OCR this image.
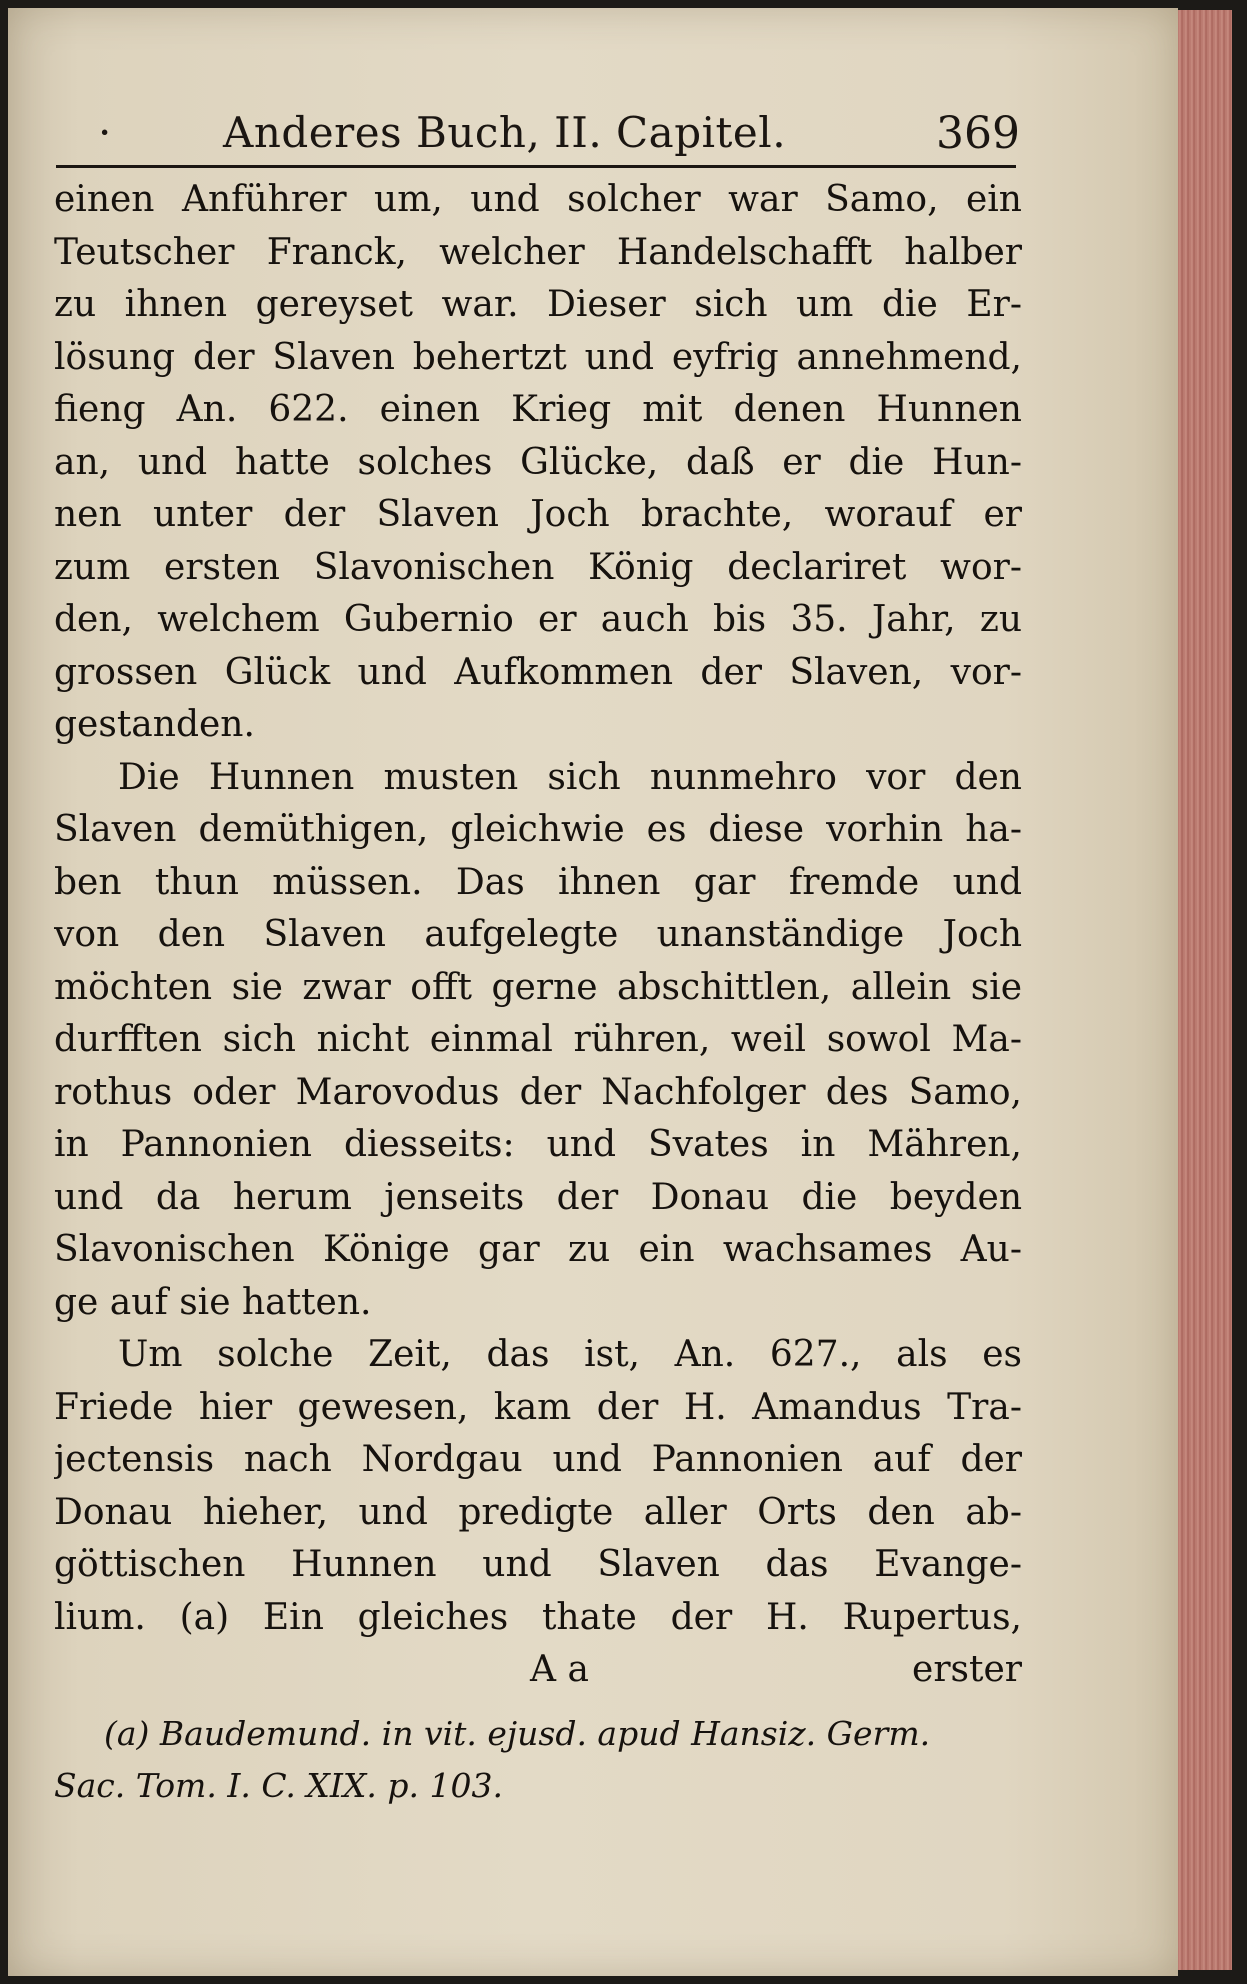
·	Anderes Buch, II. Capitel.	369
einen Anführer um, und solcher war Samo, ein
Teutscher Franck, welcher Handelschafft halber
zu ihnen gereyset war. Dieser sich um die Er-
lösung der Slaven behertzt und eyfrig annehmend,
fieng An. 622. einen Krieg mit denen Hunnen
an, und hatte solches Glücke, daß er die Hun-
nen unter der Slaven Joch brachte, worauf er
zum ersten Slavonischen König declariret wor-
den, welchem Gubernio er auch bis 35. Jahr, zu
grossen Glück und Aufkommen der Slaven, vor-
gestanden.
Die Hunnen musten sich nunmehro vor den
Slaven demüthigen, gleichwie es diese vorhin ha-
ben thun müssen. Das ihnen gar fremde und
von den Slaven aufgelegte unanständige Joch
möchten sie zwar offt gerne abschittlen, allein sie
durfften sich nicht einmal rühren, weil sowol Ma-
rothus oder Marovodus der Nachfolger des Samo,
in Pannonien diesseits: und Svates in Mähren,
und da herum jenseits der Donau die beyden
Slavonischen Könige gar zu ein wachsames Au-
ge auf sie hatten.
Um solche Zeit, das ist, An. 627., als es
Friede hier gewesen, kam der H. Amandus Tra-
jectensis nach Nordgau und Pannonien auf der
Donau hieher, und predigte aller Orts den ab-
göttischen Hunnen und Slaven das Evange-
lium. (a) Ein gleiches thate der H. Rupertus,
A a	erster
(a) Baudemund. in vit. ejusd. apud Hansiz. Germ.
Sac. Tom. I. C. XIX. p. 103.
